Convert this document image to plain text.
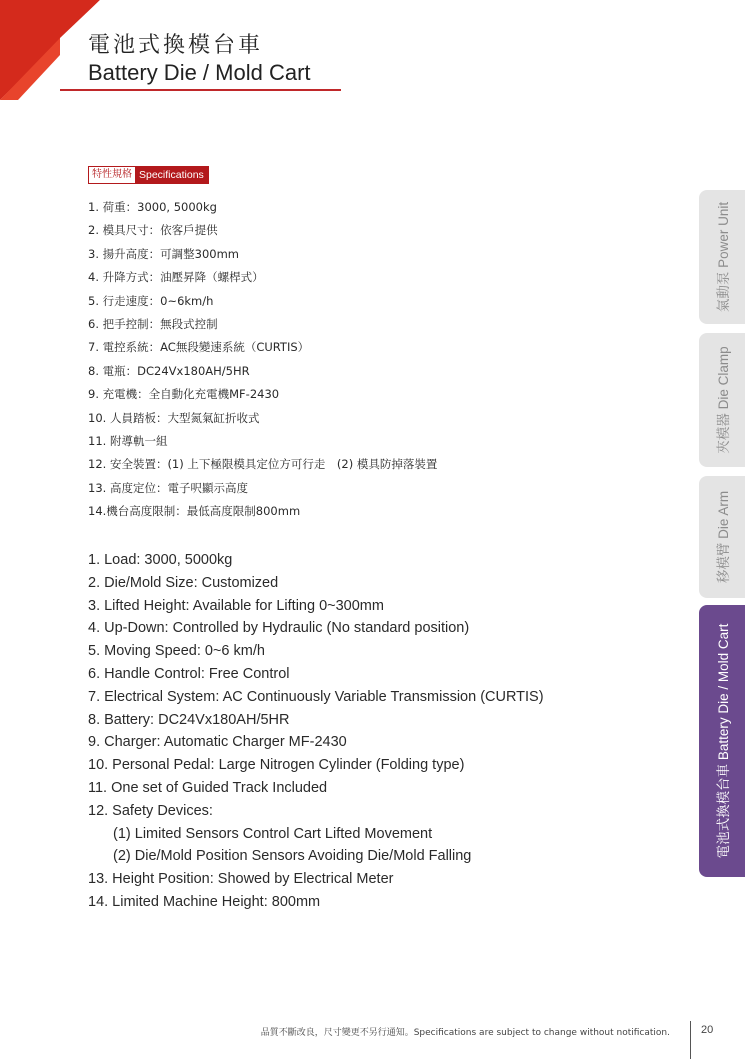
電池式換模台車
Battery Die / Mold Cart
特性規格 Specifications
1. 荷重：3000, 5000kg
2. 模具尺寸：依客戶提供
3. 揚升高度：可調整300mm
4. 升降方式：油壓昇降（螺桿式）
5. 行走速度：0~6km/h
6. 把手控制：無段式控制
7. 電控系統：AC無段變速系統（CURTIS）
8. 電瓶：DC24Vx180AH/5HR
9. 充電機：全自動化充電機MF-2430
10. 人員踏板：大型氮氣缸折收式
11. 附導軌一組
12. 安全裝置：(1) 上下極限模具定位方可行走　(2) 模具防掉落裝置
13. 高度定位：電子呎顯示高度
14.機台高度限制：最低高度限制800mm
1. Load: 3000, 5000kg
2. Die/Mold Size: Customized
3. Lifted Height: Available for Lifting 0~300mm
4. Up-Down: Controlled by Hydraulic (No standard position)
5. Moving Speed: 0~6 km/h
6. Handle Control: Free Control
7. Electrical System: AC Continuously Variable Transmission (CURTIS)
8. Battery: DC24Vx180AH/5HR
9. Charger: Automatic Charger MF-2430
10. Personal Pedal: Large Nitrogen Cylinder (Folding type)
11. One set of Guided Track Included
12. Safety Devices:
(1) Limited Sensors Control Cart Lifted Movement
(2) Die/Mold Position Sensors Avoiding Die/Mold Falling
13. Height Position: Showed by Electrical Meter
14. Limited Machine Height: 800mm
氣動泵 Power Unit
夾模器 Die Clamp
移模臂 Die Arm
電池式換模台車 Battery Die / Mold Cart
品質不斷改良，尺寸變更不另行通知。Specifications are subject to change without notification.	20
